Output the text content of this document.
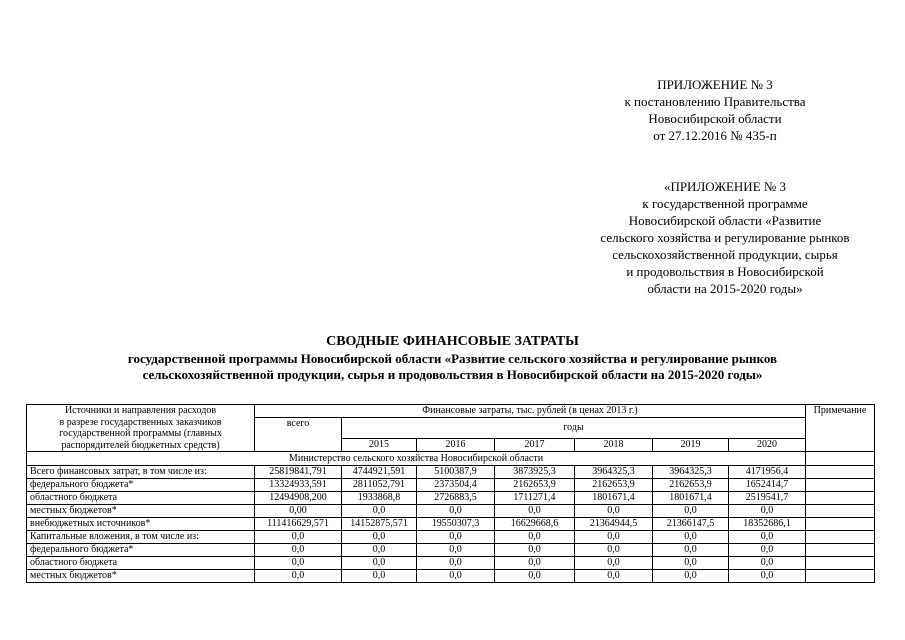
ПРИЛОЖЕНИЕ № 3
к постановлению Правительства
Новосибирской области
от 27.12.2016 № 435-п
«ПРИЛОЖЕНИЕ № 3
к государственной программе
Новосибирской области «Развитие
сельского хозяйства и регулирование рынков
сельскохозяйственной продукции, сырья
и продовольствия в Новосибирской
области на 2015-2020 годы»
СВОДНЫЕ ФИНАНСОВЫЕ ЗАТРАТЫ
государственной программы Новосибирской области «Развитие сельского хозяйства и регулирование рынков
сельскохозяйственной продукции, сырья и продовольствия в Новосибирской области на 2015-2020 годы»
Источники и направления расходов
в разрезе государственных заказчиков
государственной программы (главных
распорядителей бюджетных средств)	Финансовые затраты, тыс. рублей (в ценах 2013 г.)							Примечание
	всего	годы						
		2015	2016	2017	2018	2019	2020	
Министерство сельского хозяйства Новосибирской области								
Всего финансовых затрат, в том числе из:	25819841,791	4744921,591	5100387,9	3873925,3	3964325,3	3964325,3	4171956,4	
федерального бюджета*	13324933,591	2811052,791	2373504,4	2162653,9	2162653,9	2162653,9	1652414,7	
областного бюджета	12494908,200	1933868,8	2726883,5	1711271,4	1801671,4	1801671,4	2519541,7	
местных бюджетов*	0,00	0,0	0,0	0,0	0,0	0,0	0,0	
внебюджетных источников*	111416629,571	14152875,571	19550307,3	16629668,6	21364944,5	21366147,5	18352686,1	
Капитальные вложения, в том числе из:	0,0	0,0	0,0	0,0	0,0	0,0	0,0	
федерального бюджета*	0,0	0,0	0,0	0,0	0,0	0,0	0,0	
областного бюджета	0,0	0,0	0,0	0,0	0,0	0,0	0,0	
местных бюджетов*	0,0	0,0	0,0	0,0	0,0	0,0	0,0	
